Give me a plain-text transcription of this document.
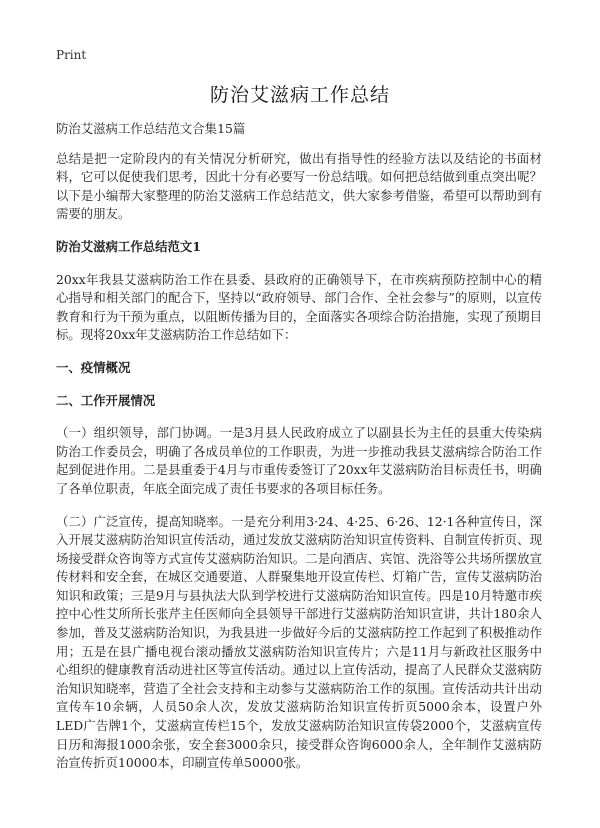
Print
防治艾滋病工作总结

防治艾滋病工作总结范文合集15篇

总结是把一定阶段内的有关情况分析研究，做出有指导性的经验方法以及结论的书面材料，它可以促使我们思考，因此十分有必要写一份总结哦。如何把总结做到重点突出呢？以下是小编帮大家整理的防治艾滋病工作总结范文，供大家参考借鉴，希望可以帮助到有需要的朋友。

防治艾滋病工作总结范文1

20xx年我县艾滋病防治工作在县委、县政府的正确领导下，在市疾病预防控制中心的精心指导和相关部门的配合下，坚持以“政府领导、部门合作、全社会参与”的原则，以宣传教育和行为干预为重点，以阻断传播为目的，全面落实各项综合防治措施，实现了预期目标。现将20xx年艾滋病防治工作总结如下：

一、疫情概况

二、工作开展情况

（一）组织领导，部门协调。一是3月县人民政府成立了以副县长为主任的县重大传染病防治工作委员会，明确了各成员单位的工作职责，为进一步推动我县艾滋病综合防治工作起到促进作用。二是县重委于4月与市重传委签订了20xx年艾滋病防治目标责任书，明确了各单位职责，年底全面完成了责任书要求的各项目标任务。

（二）广泛宣传，提高知晓率。一是充分利用3·24、4·25、6·26、12·1各种宣传日，深入开展艾滋病防治知识宣传活动，通过发放艾滋病防治知识宣传资料、自制宣传折页、现场接受群众咨询等方式宣传艾滋病防治知识。二是向酒店、宾馆、洗浴等公共场所摆放宣传材料和安全套，在城区交通要道、人群聚集地开设宣传栏、灯箱广告，宣传艾滋病防治知识和政策；三是9月与县执法大队到学校进行艾滋病防治知识宣传。四是10月特邀市疾控中心性艾所所长张芹主任医师向全县领导干部进行艾滋病防治知识宣讲，共计180余人参加，普及艾滋病防治知识，为我县进一步做好今后的艾滋病防控工作起到了积极推动作用；五是在县广播电视台滚动播放艾滋病防治知识宣传片；六是11月与新政社区服务中心组织的健康教育活动进社区等宣传活动。通过以上宣传活动，提高了人民群众艾滋病防治知识知晓率，营造了全社会支持和主动参与艾滋病防治工作的氛围。宣传活动共计出动宣传车10余辆，人员50余人次，发放艾滋病防治知识宣传折页5000余本，设置户外LED广告牌1个，艾滋病宣传栏15个，发放艾滋病防治知识宣传袋2000个，艾滋病宣传日历和海报1000余张，安全套3000余只，接受群众咨询6000余人，全年制作艾滋病防治宣传折页10000本，印刷宣传单50000张。
